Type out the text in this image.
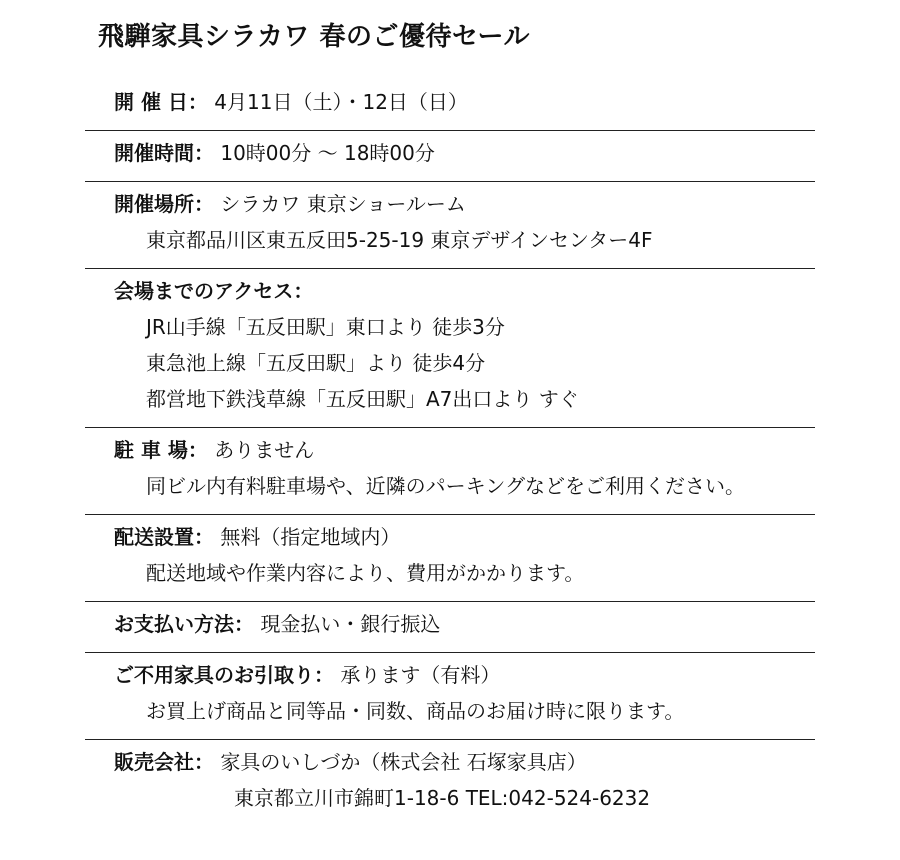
飛騨家具シラカワ 春のご優待セール
開 催 日： 4月11日（土）・12日（日）
開催時間： 10時00分 〜 18時00分
開催場所： シラカワ 東京ショールーム
東京都品川区東五反田5-25-19 東京デザインセンター4F
会場までのアクセス：
JR山手線「五反田駅」東口より 徒歩3分
東急池上線「五反田駅」より 徒歩4分
都営地下鉄浅草線「五反田駅」A7出口より すぐ
駐 車 場： ありません
同ビル内有料駐車場や、近隣のパーキングなどをご利用ください。
配送設置： 無料（指定地域内）
配送地域や作業内容により、費用がかかります。
お支払い方法： 現金払い・銀行振込
ご不用家具のお引取り： 承ります（有料）
お買上げ商品と同等品・同数、商品のお届け時に限ります。
販売会社： 家具のいしづか（株式会社 石塚家具店）
東京都立川市錦町1-18-6 TEL:042-524-6232
